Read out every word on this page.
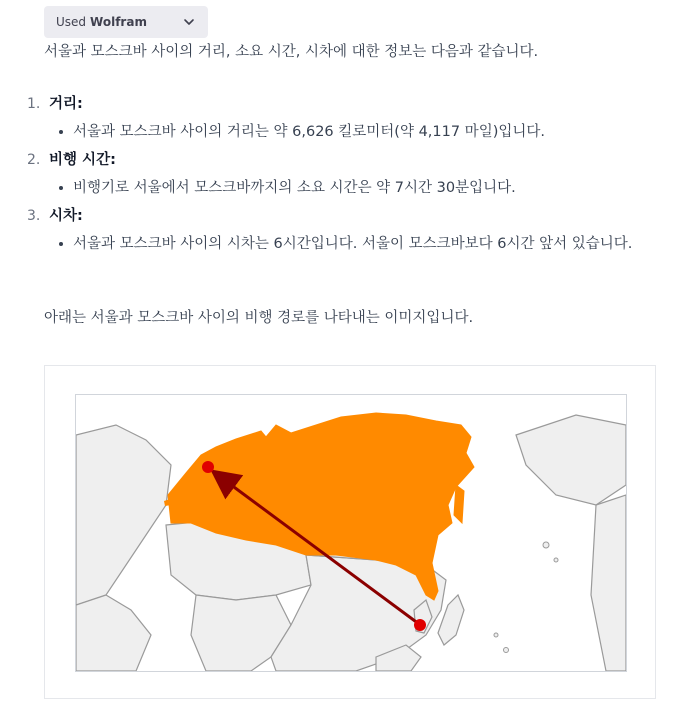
Used Wolfram

서울과 모스크바 사이의 거리, 소요 시간, 시차에 대한 정보는 다음과 같습니다.

1. 거리:
서울과 모스크바 사이의 거리는 약 6,626 킬로미터(약 4,117 마일)입니다.
2. 비행 시간:
비행기로 서울에서 모스크바까지의 소요 시간은 약 7시간 30분입니다.
3. 시차:
서울과 모스크바 사이의 시차는 6시간입니다. 서울이 모스크바보다 6시간 앞서 있습니다.

아래는 서울과 모스크바 사이의 비행 경로를 나타내는 이미지입니다.
